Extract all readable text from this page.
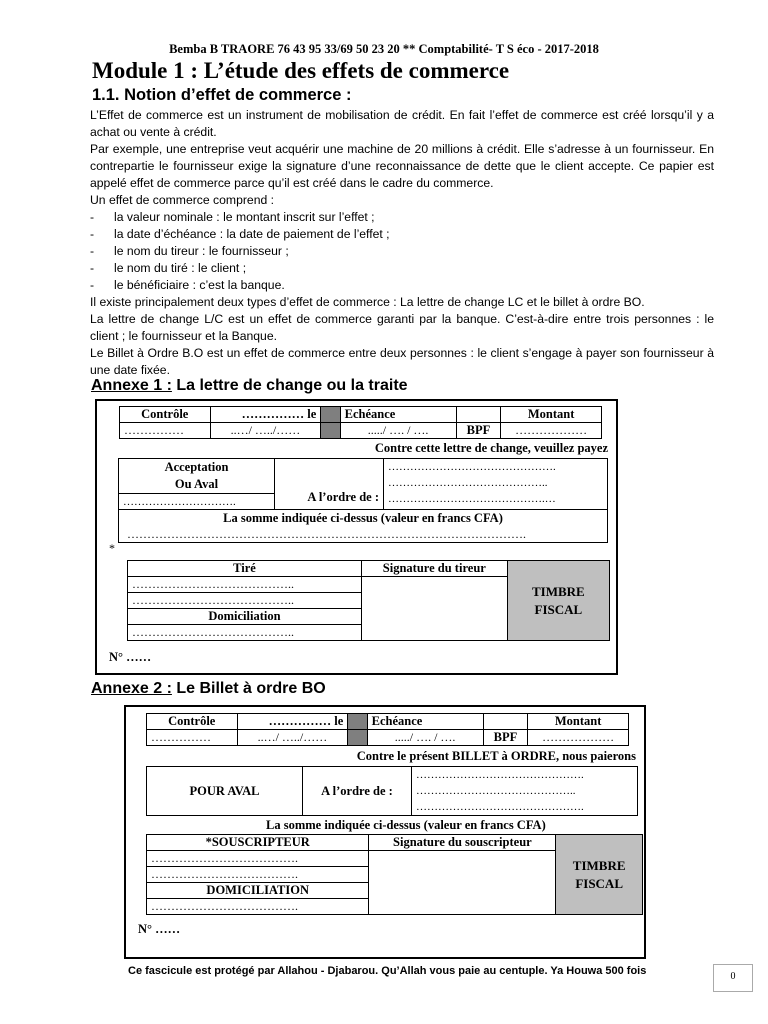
Bemba B TRAORE 76 43 95 33/69 50 23 20 ** Comptabilité- T S éco - 2017-2018
Module 1 : L’étude des effets de commerce
1.1. Notion d’effet de commerce :

L’Effet de commerce est un instrument de mobilisation de crédit. En fait l’effet de commerce est créé lorsqu’il y a achat ou vente à crédit.

Par exemple, une entreprise veut acquérir une machine de 20 millions à crédit. Elle s’adresse à un fournisseur. En contrepartie le fournisseur exige la signature d’une reconnaissance de dette que le client accepte. Ce papier est appelé effet de commerce parce qu’il est créé dans le cadre du commerce.

Un effet de commerce comprend :

- la valeur nominale : le montant inscrit sur l’effet ;
- la date d’échéance : la date de paiement de l’effet ;
- le nom du tireur : le fournisseur ;
- le nom du tiré : le client ;
- le bénéficiaire : c’est la banque.

Il existe principalement deux types d’effet de commerce : La lettre de change LC et le billet à ordre BO.

La lettre de change L/C est un effet de commerce garanti par la banque. C’est-à-dire entre trois personnes : le client ; le fournisseur et la Banque.

Le Billet à Ordre B.O est un effet de commerce entre deux personnes : le client s’engage à payer son fournisseur à une date fixée.

Annexe 1 : La lettre de change ou la traite
Contrôle	…………… le		Echéance		Montant
……………	..…/ …../……		...../ …. / ….	BPF	………………
Contre cette lettre de change, veuillez payez
Acceptation
Ou Aval	A l’ordre de :	
……………………………………….
……………………………………..
…………………………………….…

………………………….

La somme indiquée ci-dessus (valeur en francs CFA)
……………………………………………………………………………………….
*
Tiré	Signature du tireur	TIMBRE
FISCAL

…………………………………..		
…………………………………..		
Domiciliation		
…………………………………..		
N° ……
Annexe 2 : Le Billet à ordre BO
Contrôle	…………… le		Echéance		Montant
……………	..…/ …../……		...../ …. / ….	BPF	………………
Contre le présent BILLET à ORDRE, nous paierons
POUR AVAL	A l’ordre de :	
……………………………………….
……………………………………..
……………………………………….
La somme indiquée ci-dessus (valeur en francs CFA)
*SOUSCRIPTEUR	Signature du souscripteur	TIMBRE
FISCAL

……………………………….		
……………………………….		
DOMICILIATION		
……………………………….		
N° ……
Ce fascicule est protégé par Allahou - Djabarou. Qu’Allah vous paie au centuple. Ya Houwa 500 fois	0
